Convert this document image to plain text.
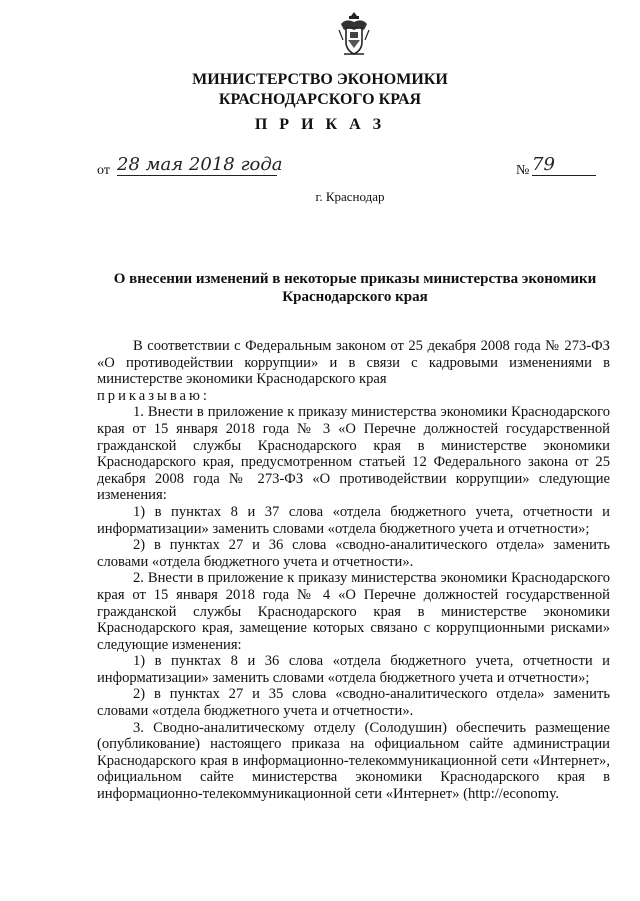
МИНИСТЕРСТВО ЭКОНОМИКИ
КРАСНОДАРСКОГО КРАЯ
П Р И К А З
от 28 мая 2018 года	№ 79
г. Краснодар
О внесении изменений в некоторые приказы министерства экономики
Краснодарского края

В соответствии с Федеральным законом от 25 декабря 2008 года № 273-ФЗ «О противодействии коррупции» и в связи с кадровыми изменениями в министерстве экономики Краснодарского края

приказываю:

1. Внести в приложение к приказу министерства экономики Краснодарского края от 15 января 2018 года № 3 «О Перечне должностей государственной гражданской службы Краснодарского края в министерстве экономики Краснодарского края, предусмотренном статьей 12 Федерального закона от 25 декабря 2008 года № 273-ФЗ «О противодействии коррупции» следующие изменения:

1) в пунктах 8 и 37 слова «отдела бюджетного учета, отчетности и информатизации» заменить словами «отдела бюджетного учета и отчетности»;

2) в пунктах 27 и 36 слова «сводно-аналитического отдела» заменить словами «отдела бюджетного учета и отчетности».

2. Внести в приложение к приказу министерства экономики Краснодарского края от 15 января 2018 года № 4 «О Перечне должностей государственной гражданской службы Краснодарского края в министерстве экономики Краснодарского края, замещение которых связано с коррупционными рисками» следующие изменения:

1) в пунктах 8 и 36 слова «отдела бюджетного учета, отчетности и информатизации» заменить словами «отдела бюджетного учета и отчетности»;

2) в пунктах 27 и 35 слова «сводно-аналитического отдела» заменить словами «отдела бюджетного учета и отчетности».

3. Сводно-аналитическому отделу (Солодушин) обеспечить размещение (опубликование) настоящего приказа на официальном сайте администрации Краснодарского края в информационно-телекоммуникационной сети «Интернет», официальном сайте министерства экономики Краснодарского края в информационно-телекоммуникационной сети «Интернет» (http://economy.
